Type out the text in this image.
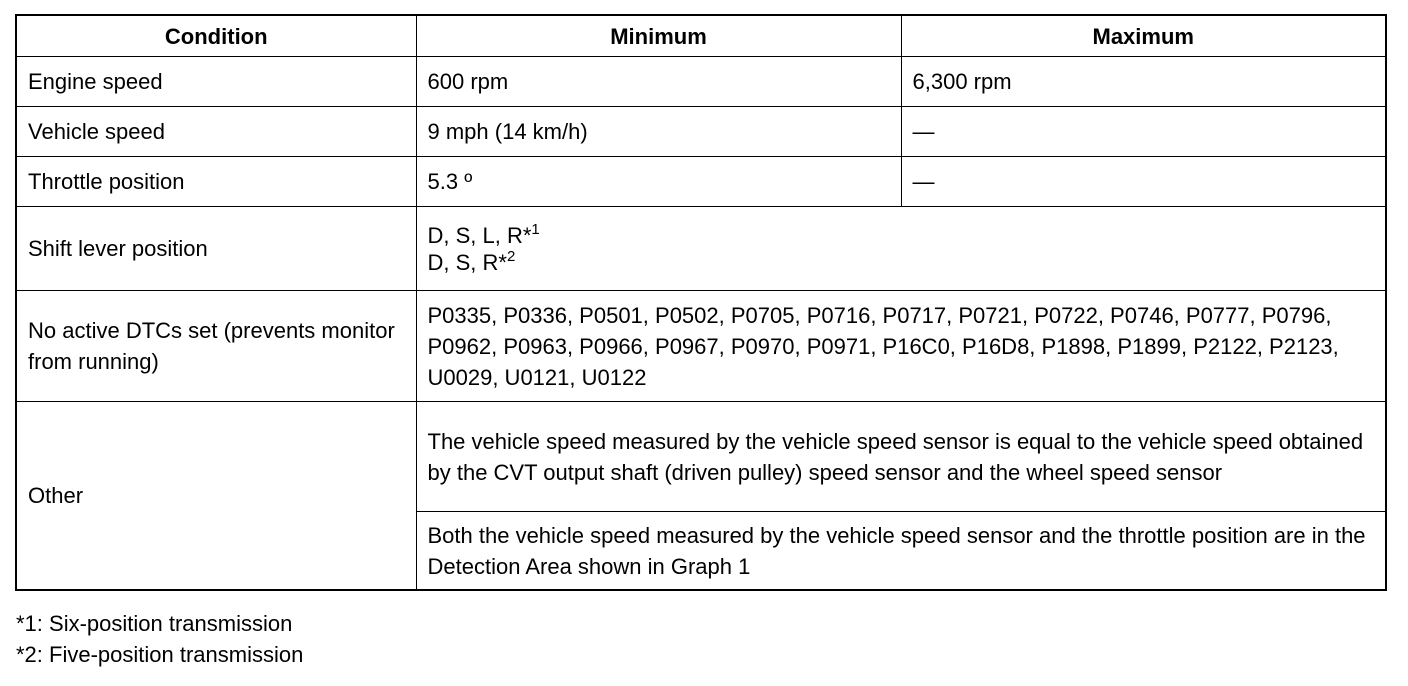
Condition	Minimum	Maximum
Engine speed	600 rpm	6,300 rpm
Vehicle speed	9 mph (14 km/h)	—
Throttle position	5.3 º	—
Shift lever position	D, S, L, R*$^1$
D, S, R*$^2$

No active DTCs set (prevents monitor from running)	P0335, P0336, P0501, P0502, P0705, P0716, P0717, P0721, P0722, P0746, P0777, P0796, P0962, P0963, P0966, P0967, P0970, P0971, P16C0, P16D8, P1898, P1899, P2122, P2123, U0029, U0121, U0122	
Other	The vehicle speed measured by the vehicle speed sensor is equal to the vehicle speed obtained by the CVT output shaft (driven pulley) speed sensor and the wheel speed sensor	
	Both the vehicle speed measured by the vehicle speed sensor and the throttle position are in the Detection Area shown in Graph 1	
*1: Six-position transmission
*2: Five-position transmission
